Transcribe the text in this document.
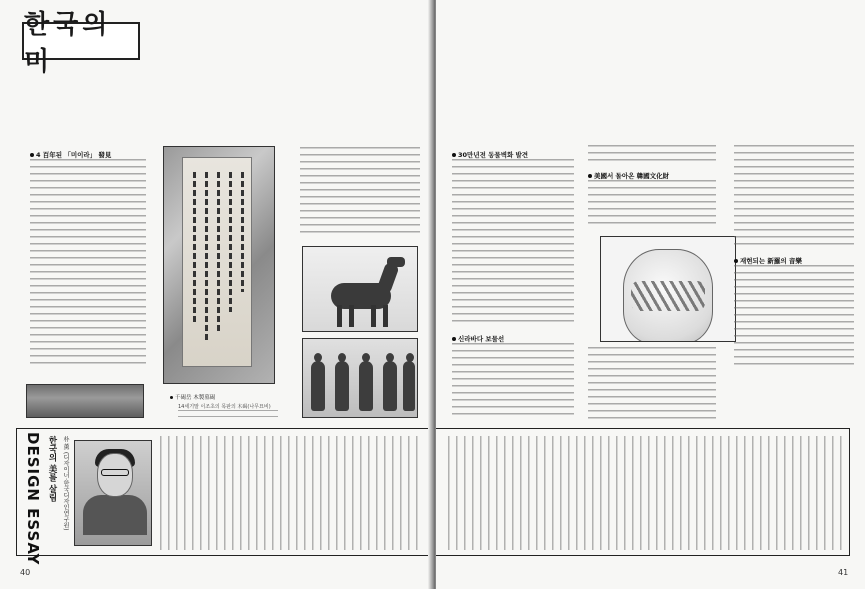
한국의 미
4 百年된 「미이라」 發見
千碣岳 木製墓碣
14세기말 이조초의 목판의 木碣(나무묘비)
DESIGN ESSAY 한국의 美를 살림 朴 薰 (디자이너·한국디자인연구원)
40
30만년전 동물벽화 발견
신라바다 보물선
美國서 돌아온 韓國文化財
재현되는 新羅의 音樂
41
